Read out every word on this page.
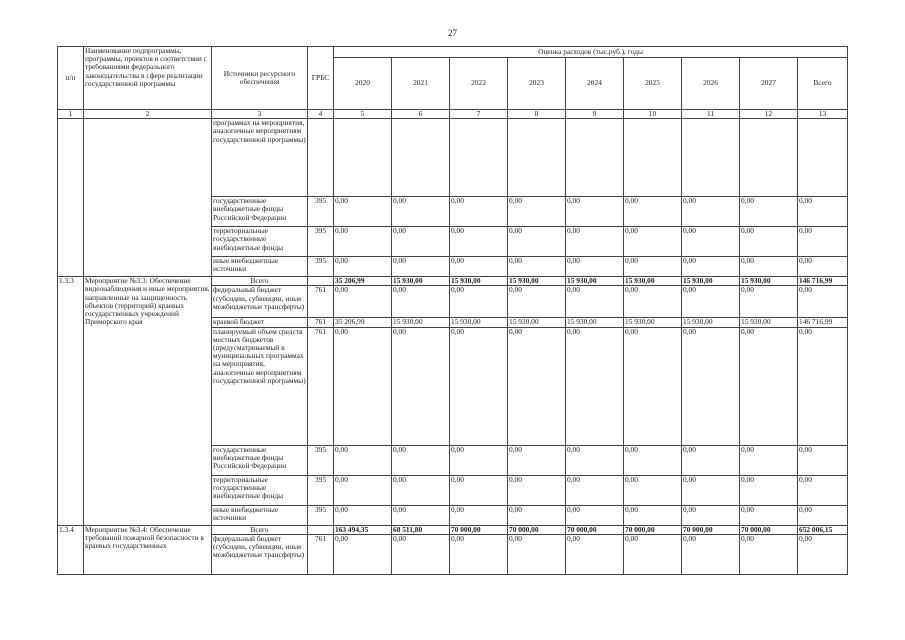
27
п/п	Наименование подпрограммы, программы, проектов в соответствии с требованиями федерального законодательства в сфере реализации государственной программы	Источники ресурсного обеспечения	ГРБС	Оценка расходов (тыс.руб.), годы								
				2020	2021	2022	2023	2024	2025	2026	2027	Всего
1	2	3	4	5	6	7	8	9	10	11	12	13
		программах на мероприятия, аналогичные мероприятиям государственной программы)										
		государственные внебюджетные фонды Российской Федерации	395	0,00	0,00	0,00	0,00	0,00	0,00	0,00	0,00	0,00
		территориальные государственные внебюджетные фонды	395	0,00	0,00	0,00	0,00	0,00	0,00	0,00	0,00	0,00
		иные внебюджетные источники	395	0,00	0,00	0,00	0,00	0,00	0,00	0,00	0,00	0,00
1.3.3	Мероприятие №3.3: Обеспечение видеонаблюдения и иные мероприятия, направленные на защищенность объектов (территорий) краевых государственных учреждений Приморского края	Всего		35 206,99	15 930,00	15 930,00	15 930,00	15 930,00	15 930,00	15 930,00	15 930,00	146 716,99
		федеральный бюджет (субсидии, субвенции, иные межбюджетные трансферты)	761	0,00	0,00	0,00	0,00	0,00	0,00	0,00	0,00	0,00
		краевой бюджет	761	35 206,99	15 930,00	15 930,00	15 930,00	15 930,00	15 930,00	15 930,00	15 930,00	146 716,99
		планируемый объем средств местных бюджетов (предусматриваемый в муниципальных программах на мероприятия, аналогичные мероприятиям государственной программы)	761	0,00	0,00	0,00	0,00	0,00	0,00	0,00	0,00	0,00
		государственные внебюджетные фонды Российской Федерации	395	0,00	0,00	0,00	0,00	0,00	0,00	0,00	0,00	0,00
		территориальные государственные внебюджетные фонды	395	0,00	0,00	0,00	0,00	0,00	0,00	0,00	0,00	0,00
		иные внебюджетные источники	395	0,00	0,00	0,00	0,00	0,00	0,00	0,00	0,00	0,00
1.3.4	Мероприятие №3.4: Обеспечение требований пожарной безопасности в краевых государственных	Всего		163 494,35	68 511,80	70 000,00	70 000,00	70 000,00	70 000,00	70 000,00	70 000,00	652 006,15
		федеральный бюджет (субсидии, субвенции, иные межбюджетные трансферты)	761	0,00	0,00	0,00	0,00	0,00	0,00	0,00	0,00	0,00
